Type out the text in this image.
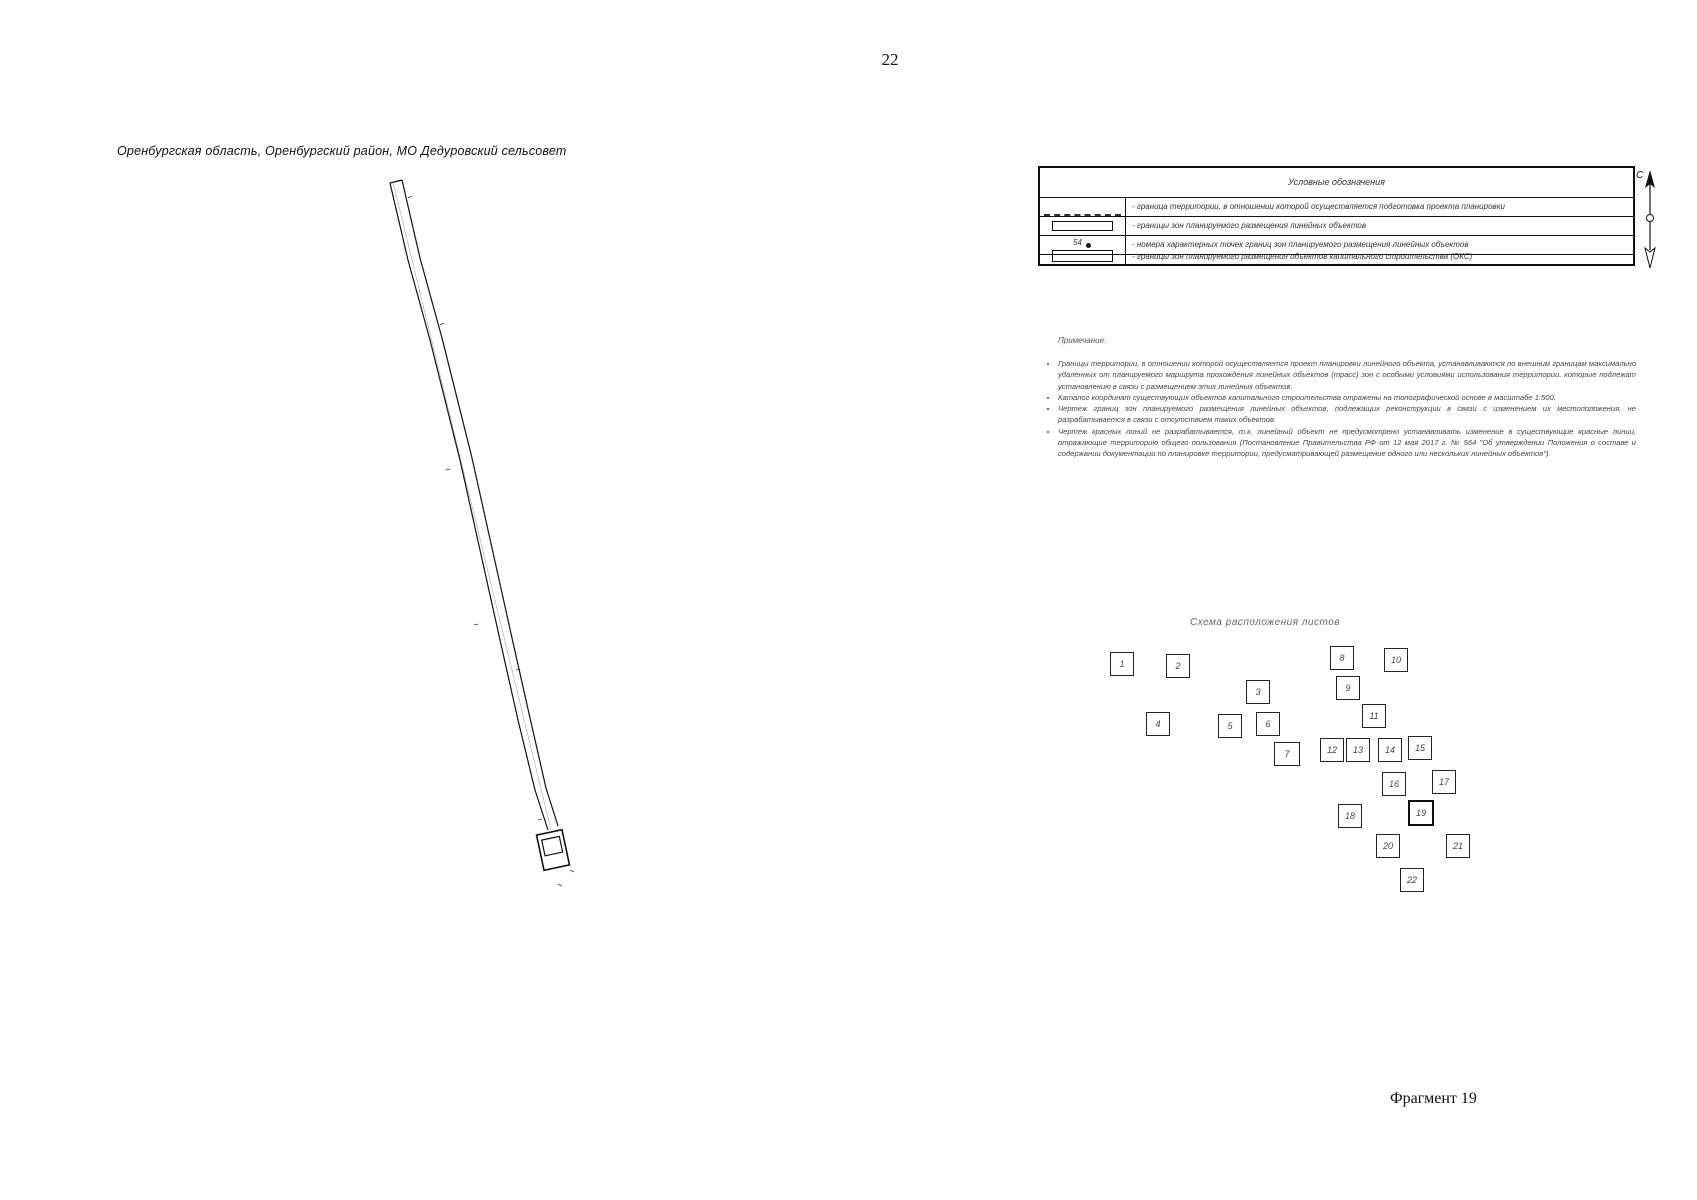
22
Оренбургская область, Оренбургский район, МО Дедуровский сельсовет
Условные обозначения
- граница территории, в отношении которой осуществляется подготовка проекта планировки
- границы зон планируемого размещения линейных объектов
54	- номера характерных точек границ зон планируемого размещения линейных объектов
- границы зон планируемого размещения объектов капитального строительства (ОКС)
С
Примечание:
• Границы территории, в отношении которой осуществляется проект планировки линейного объекта, устанавливаются по внешним границам максимально удаленных от планируемого маршрута прохождения линейных объектов (трасс) зон с особыми условиями использования территории, которые подлежат установлению в связи с размещением этих линейных объектов.
• Каталог координат существующих объектов капитального строительства отражены на топографической основе в масштабе 1:500.
• Чертеж границ зон планируемого размещения линейных объектов, подлежащих реконструкции в связи с изменением их местоположения, не разрабатывается в связи с отсутствием таких объектов.
• Чертеж красных линий не разрабатывается, т.к. линейный объект не предусмотрено устанавливать изменение в существующие красные линии, отражающие территорию общего пользования (Постановление Правительства РФ от 12 мая 2017 г. № 564 "Об утверждении Положения о составе и содержании документации по планировке территории, предусматривающей размещение одного или нескольких линейных объектов").
Схема расположения листов
1	2
3
4	5	6
7
8
9
10
11
12	13	14	15
16	17
18	19
20	21
22
Фрагмент 19
